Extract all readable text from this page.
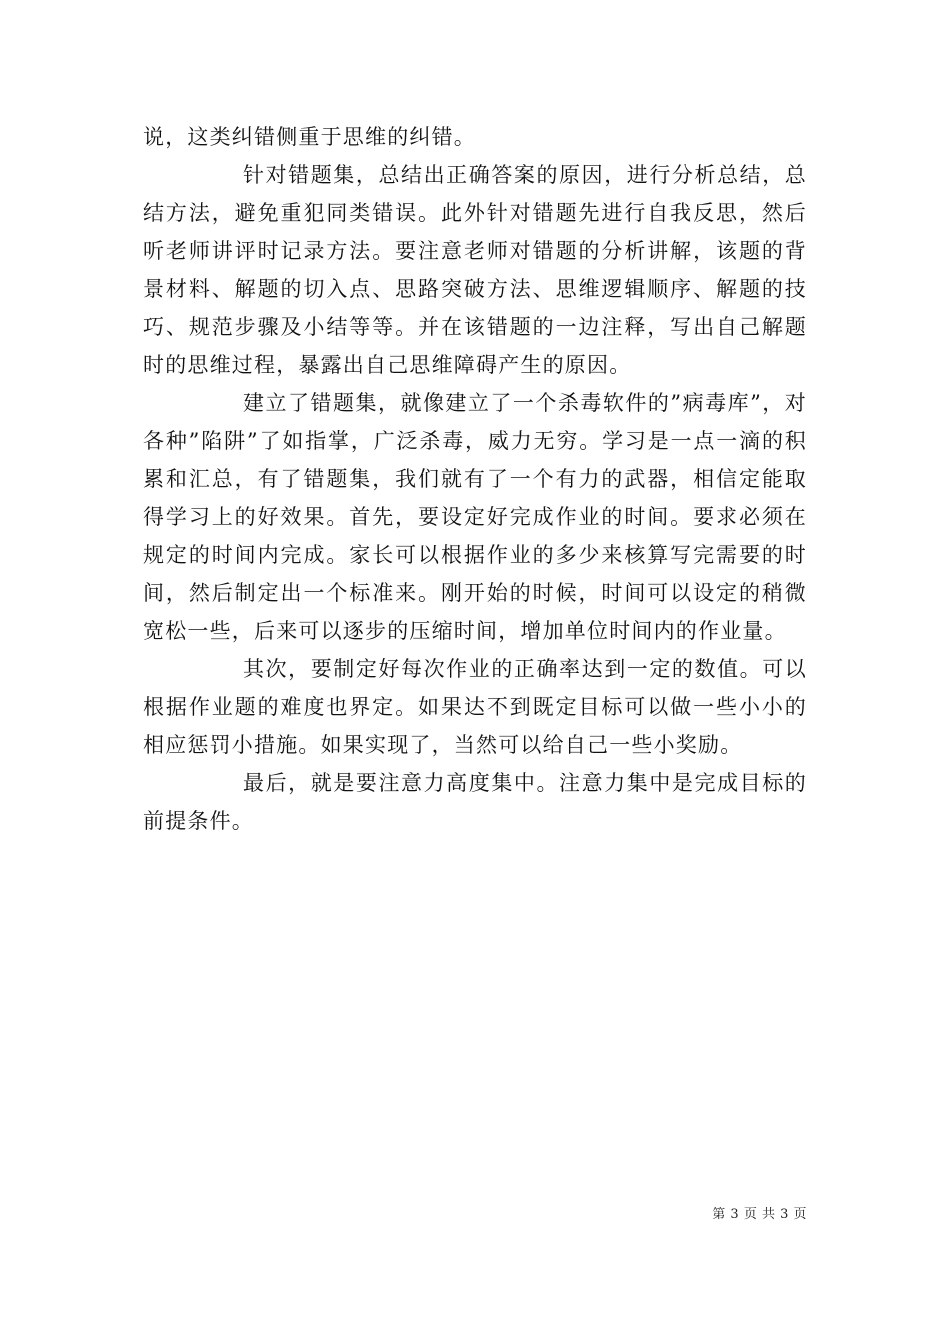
说，这类纠错侧重于思维的纠错。

针对错题集，总结出正确答案的原因，进行分析总结，总结方法，避免重犯同类错误。此外针对错题先进行自我反思，然后听老师讲评时记录方法。要注意老师对错题的分析讲解，该题的背景材料、解题的切入点、思路突破方法、思维逻辑顺序、解题的技巧、规范步骤及小结等等。并在该错题的一边注释，写出自己解题时的思维过程，暴露出自己思维障碍产生的原因。

建立了错题集，就像建立了一个杀毒软件的”病毒库”，对各种”陷阱”了如指掌，广泛杀毒，威力无穷。学习是一点一滴的积累和汇总，有了错题集，我们就有了一个有力的武器，相信定能取得学习上的好效果。首先，要设定好完成作业的时间。要求必须在规定的时间内完成。家长可以根据作业的多少来核算写完需要的时间，然后制定出一个标准来。刚开始的时候，时间可以设定的稍微宽松一些，后来可以逐步的压缩时间，增加单位时间内的作业量。

其次，要制定好每次作业的正确率达到一定的数值。可以根据作业题的难度也界定。如果达不到既定目标可以做一些小小的相应惩罚小措施。如果实现了，当然可以给自己一些小奖励。

最后，就是要注意力高度集中。注意力集中是完成目标的前提条件。

第 3 页 共 3 页
